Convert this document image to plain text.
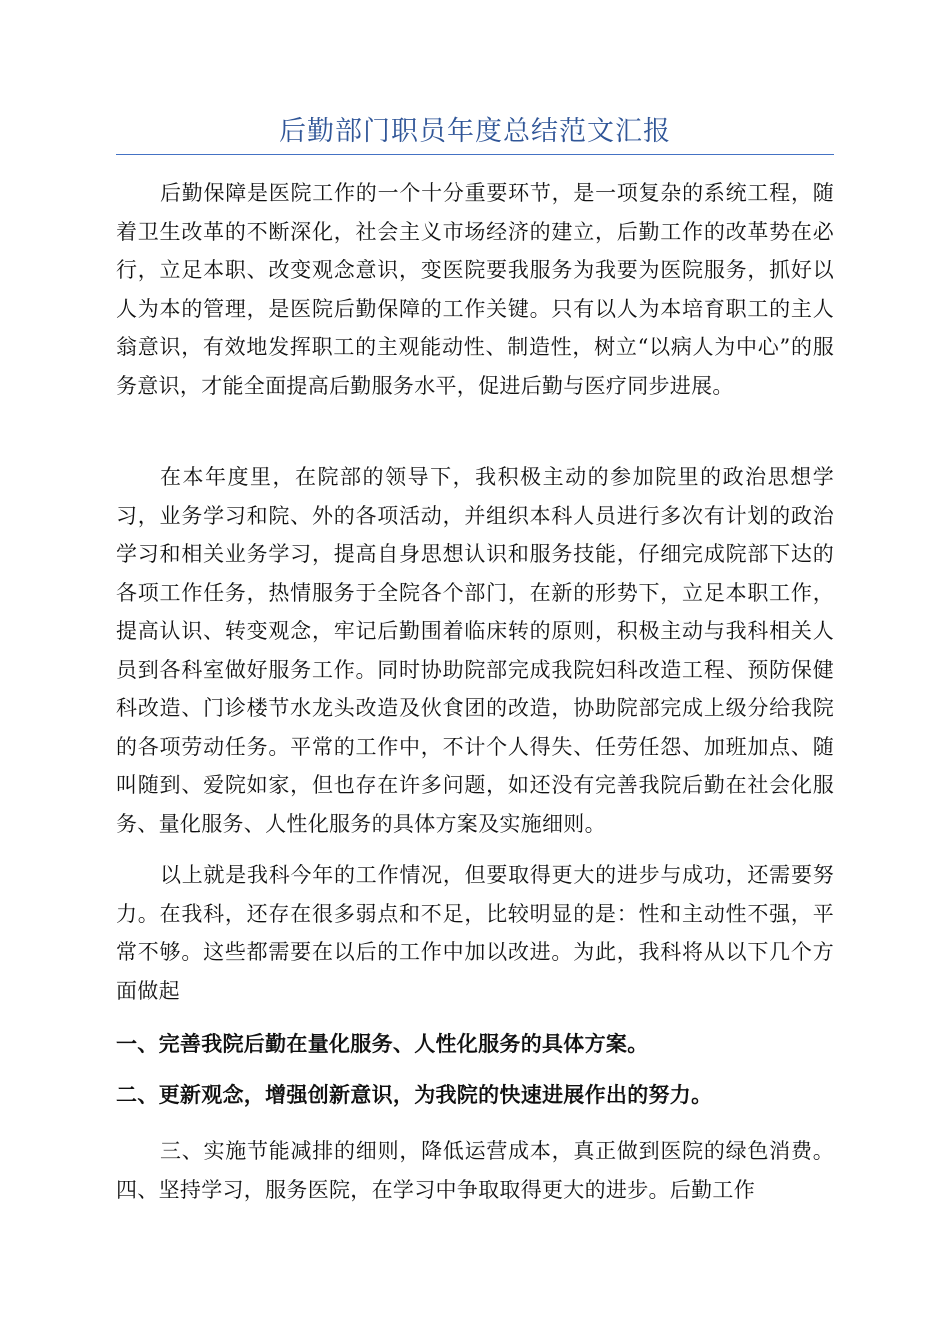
后勤部门职员年度总结范文汇报

后勤保障是医院工作的一个十分重要环节，是一项复杂的系统工程，随着卫生改革的不断深化，社会主义市场经济的建立，后勤工作的改革势在必行，立足本职、改变观念意识，变医院要我服务为我要为医院服务，抓好以人为本的管理，是医院后勤保障的工作关键。只有以人为本培育职工的主人翁意识，有效地发挥职工的主观能动性、制造性，树立“以病人为中心”的服务意识，才能全面提高后勤服务水平，促进后勤与医疗同步进展。

在本年度里，在院部的领导下，我积极主动的参加院里的政治思想学习，业务学习和院、外的各项活动，并组织本科人员进行多次有计划的政治学习和相关业务学习，提高自身思想认识和服务技能，仔细完成院部下达的各项工作任务，热情服务于全院各个部门，在新的形势下，立足本职工作，提高认识、转变观念，牢记后勤围着临床转的原则，积极主动与我科相关人员到各科室做好服务工作。同时协助院部完成我院妇科改造工程、预防保健科改造、门诊楼节水龙头改造及伙食团的改造，协助院部完成上级分给我院的各项劳动任务。平常的工作中，不计个人得失、任劳任怨、加班加点、随叫随到、爱院如家，但也存在许多问题，如还没有完善我院后勤在社会化服务、量化服务、人性化服务的具体方案及实施细则。

以上就是我科今年的工作情况，但要取得更大的进步与成功，还需要努力。在我科，还存在很多弱点和不足，比较明显的是：性和主动性不强，平常不够。这些都需要在以后的工作中加以改进。为此，我科将从以下几个方面做起

一、完善我院后勤在量化服务、人性化服务的具体方案。

二、更新观念，增强创新意识，为我院的快速进展作出的努力。

三、实施节能减排的细则，降低运营成本，真正做到医院的绿色消费。四、坚持学习，服务医院，在学习中争取取得更大的进步。后勤工作
